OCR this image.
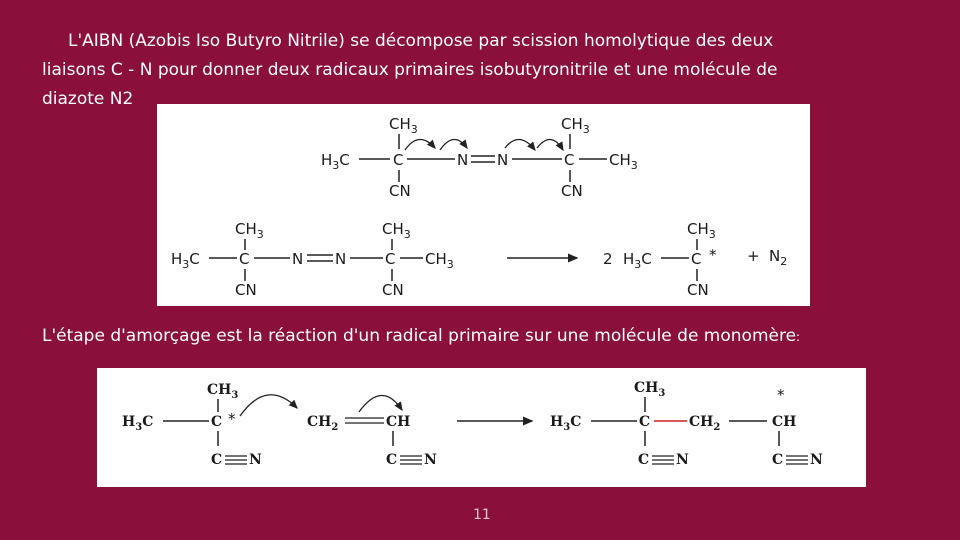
L'AIBN (Azobis Iso Butyro Nitrile) se décompose par scission homolytique des deux
liaisons C - N pour donner deux radicaux primaires isobutyronitrile et une molécule de
diazote N2
$CH_3$
$H_3C$	C	N N	C $CH_3$
$CH_3$
CN	CN
$CH_3$
$H_3C$	C	N N	C $CH_3$
$CH_3$
CN	CN
2
$CH_3$
$H_3C$	C *
CN
+ $N_2$

L'étape d'amorçage est la réaction d'un radical primaire sur une molécule de monomère:

$CH_3$
$H_3C$	C *
C N
$CH_2$	CH
C N
$CH_3$
$H_3C$	C	$CH_2$
*
CH
C N	C N
11
